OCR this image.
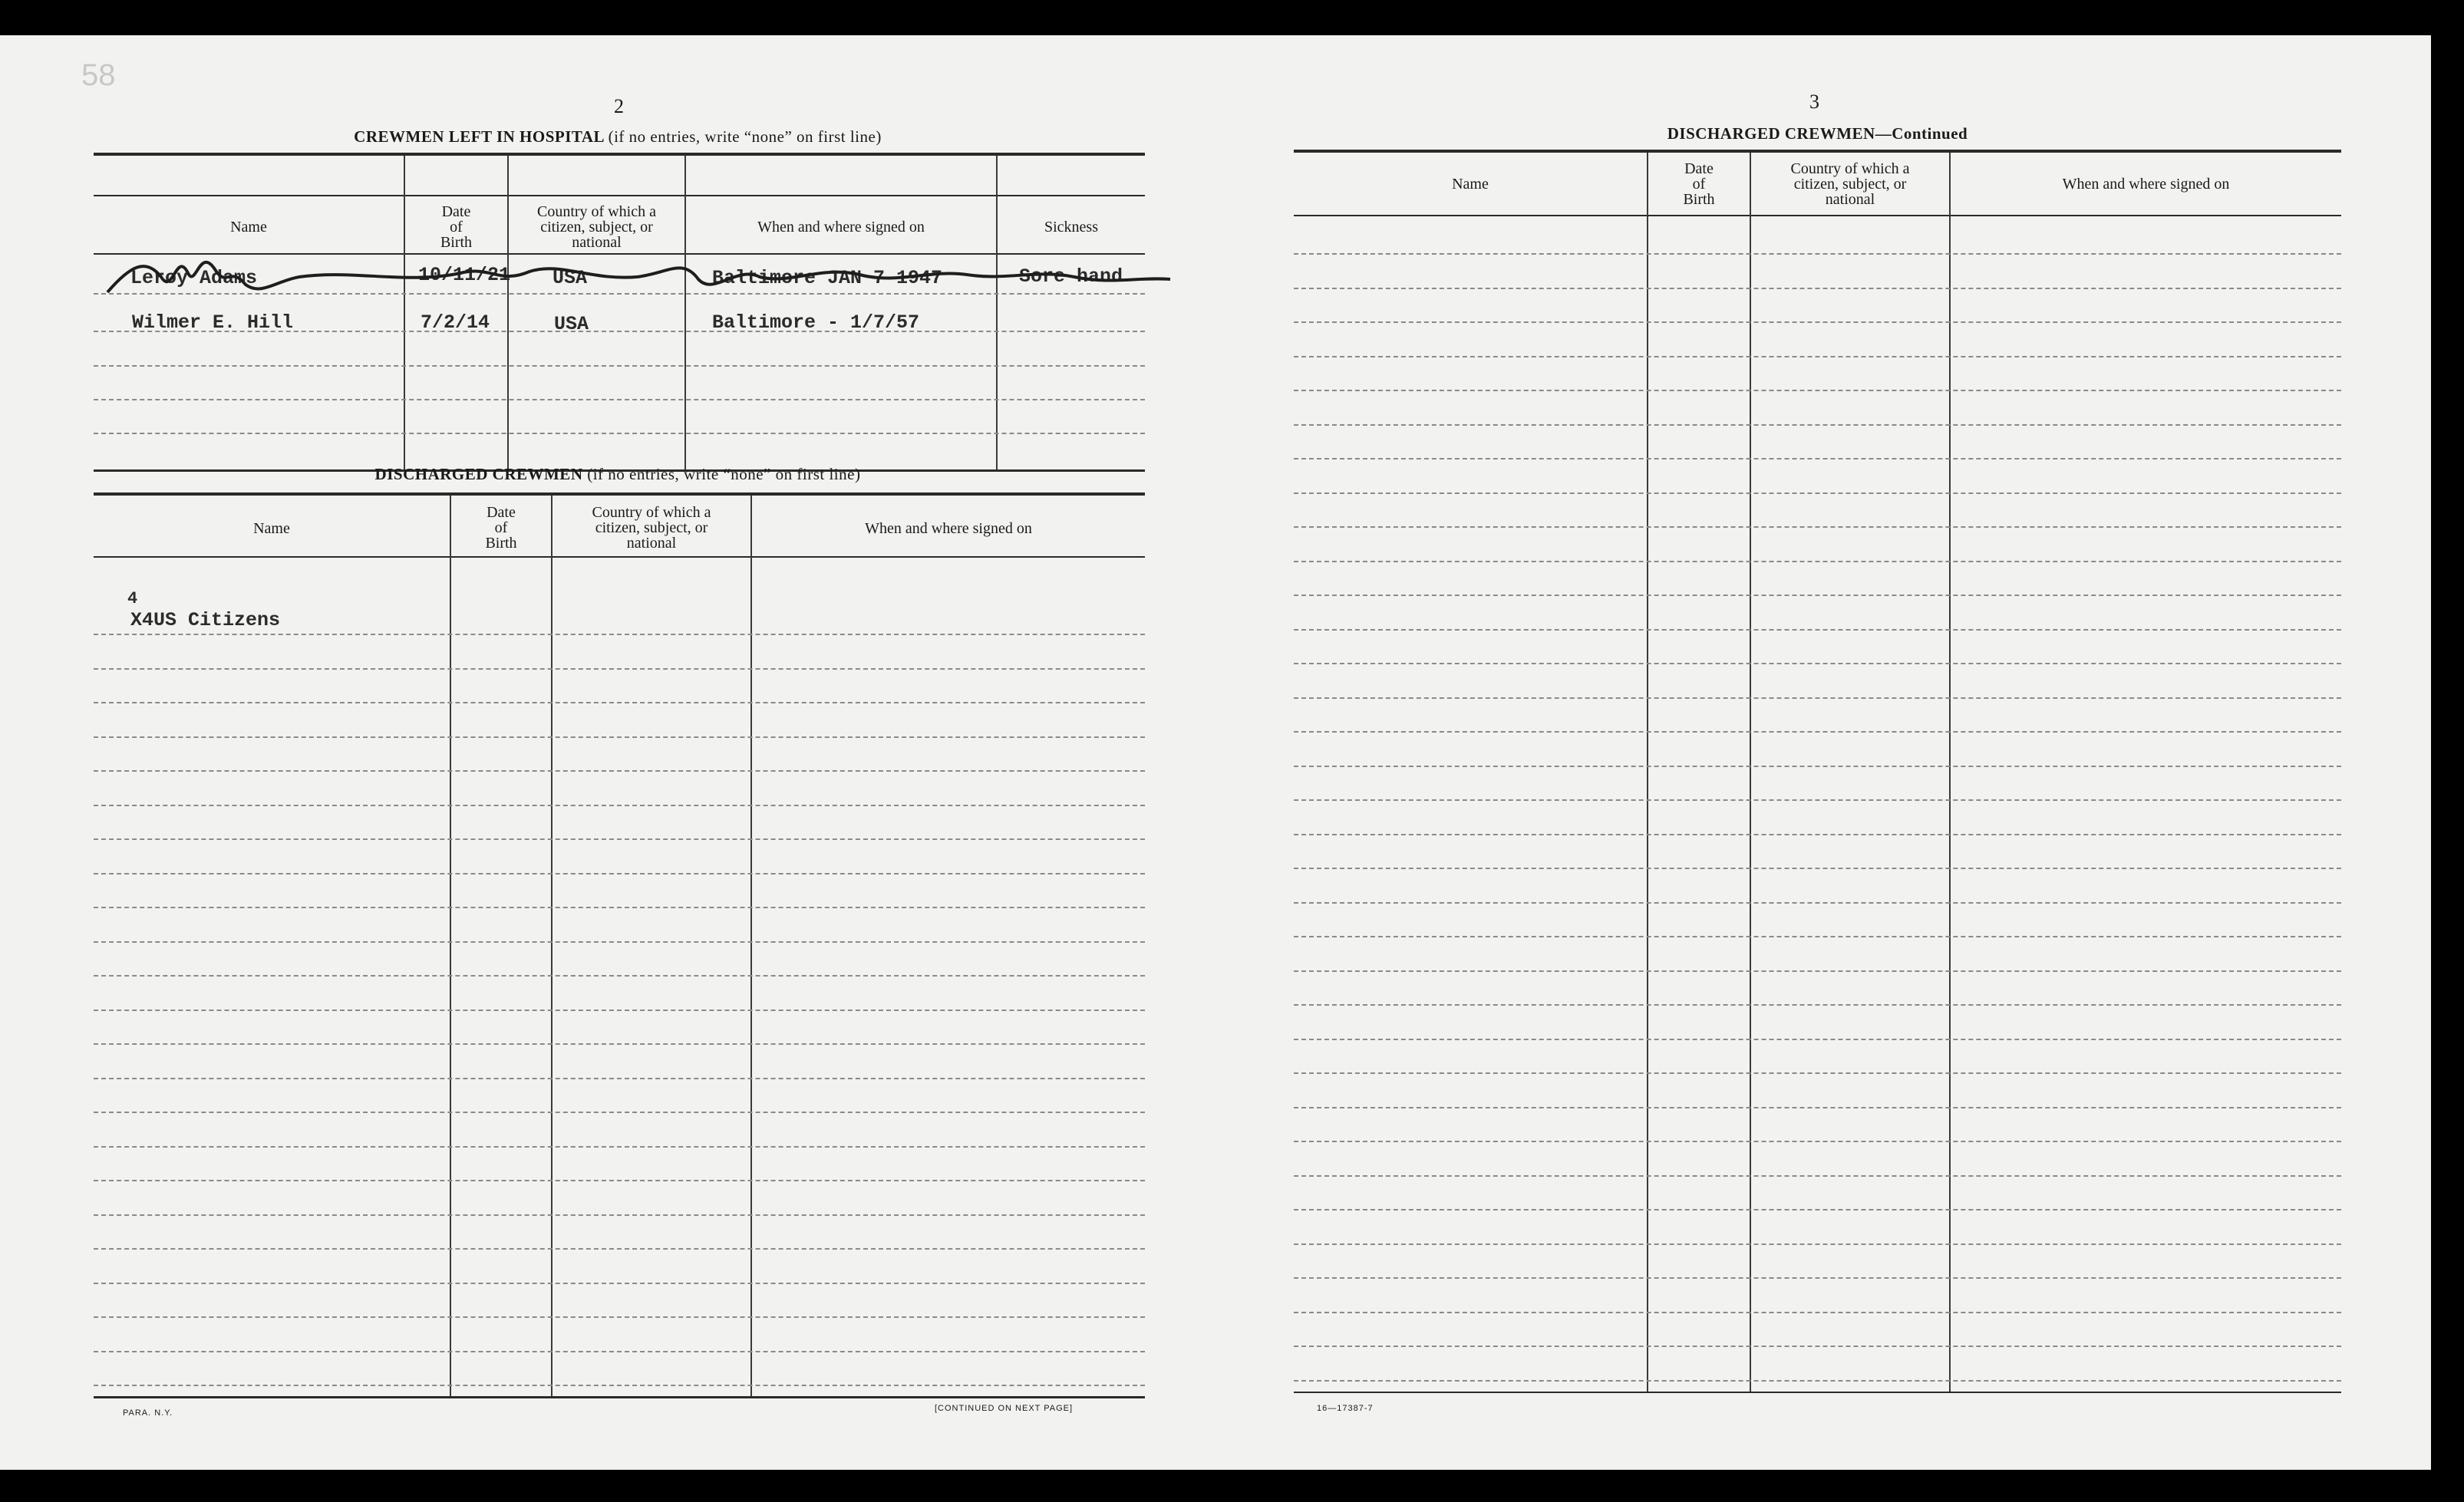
58
2
CREWMEN LEFT IN HOSPITAL (if no entries, write “none” on first line)
Name
Date
of
Birth
Country of which a
citizen, subject, or
national
When and where signed on	Sickness
Leroy Adams	10/11/21 USA	Baltimore JAN 7 1947	Sore hand
Wilmer E. Hill	7/2/14	USA	Baltimore - 1/7/57
DISCHARGED CREWMEN (if no entries, write “none” on first line)
Name
Date
of
Birth
Country of which a
citizen, subject, or
national
When and where signed on
4
X4US Citizens
PARA. N.Y.	[CONTINUED ON NEXT PAGE]
3
DISCHARGED CREWMEN—Continued
Name
Date
of
Birth
Country of which a
citizen, subject, or
national
When and where signed on
16—17387-7
